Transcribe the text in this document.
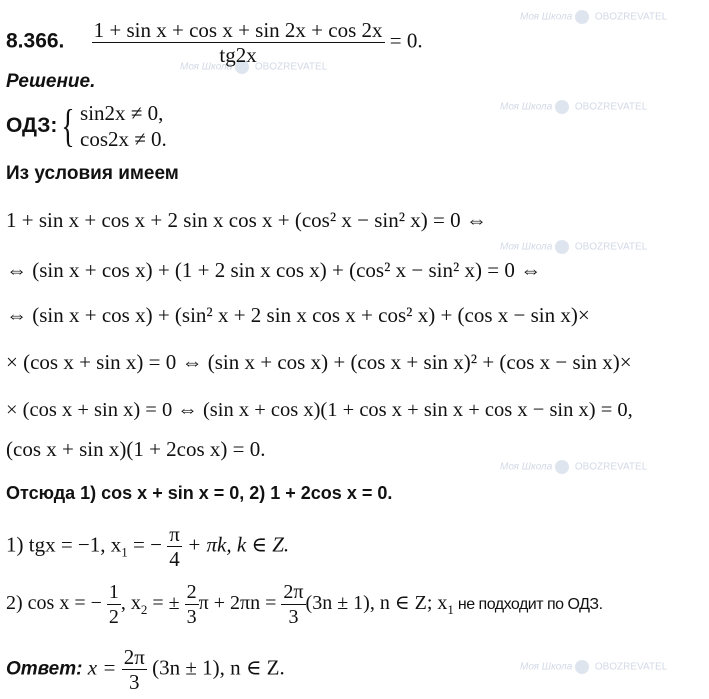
Моя Школа OBOZREVATEL
Моя Школа OBOZREVATEL
Моя Школа OBOZREVATEL
Моя Школа OBOZREVATEL
Моя Школа OBOZREVATEL
Моя Школа OBOZREVATEL
8.366. $\frac{\text{1 + sin x + cos x + sin 2x + cos 2x}}{tg2x} = 0$.
Решение.
ОДЗ: { sin2x ≠ 0,
cos2x ≠ 0.
Из условия имеем
1 + sin x + cos x + 2 sin x cos x + (cos² x − sin² x) = 0 ⇔
⇔ (sin x + cos x) + (1 + 2 sin x cos x) + (cos² x − sin² x) = 0 ⇔
⇔ (sin x + cos x) + (sin² x + 2 sin x cos x + cos² x) + (cos x − sin x)×
× (cos x + sin x) = 0 ⇔ (sin x + cos x) + (cos x + sin x)² + (cos x − sin x)×
× (cos x + sin x) = 0 ⇔ (sin x + cos x)(1 + cos x + sin x + cos x − sin x) = 0,
(cos x + sin x)(1 + 2cos x) = 0.
Отсюда 1) cos x + sin x = 0, 2) 1 + 2cos x = 0.
1) tgx = −1, $x_1$ = − $\frac{\pi}{4} + \pi k$, k ∈ Z.
2) cos x = − $\frac{1}{2}$ , $x_2$ = ± $\frac{2}{3}$ $\pi + 2\pi n = \frac{2\pi}{3} (3n \pm 1)$, n ∈ Z; $x_1$ не подходит по ОДЗ.
Ответ: $x = \frac{2\pi}{3} (3n \pm 1)$, n ∈ Z.
